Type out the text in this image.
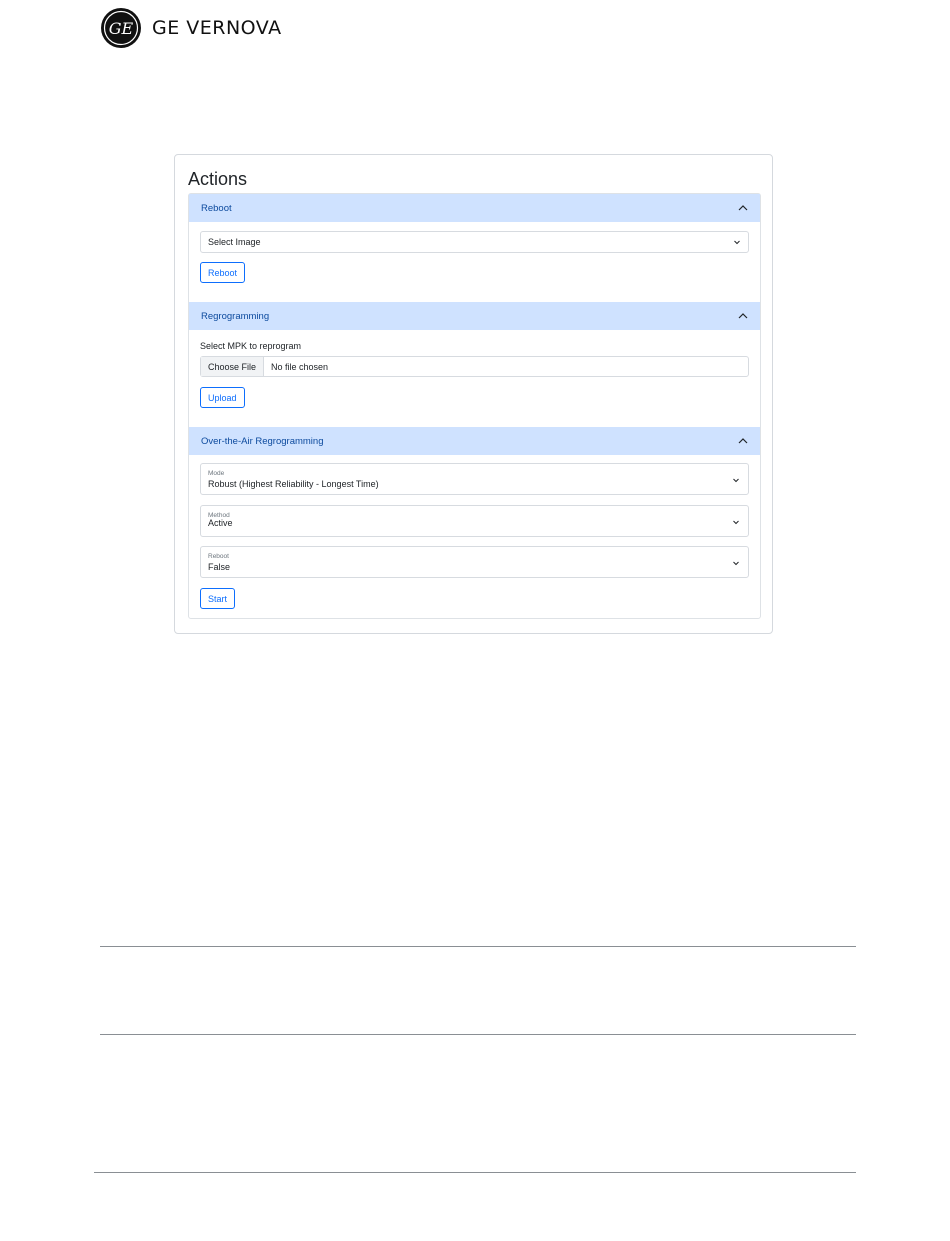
GE GE VERNOVA
Actions
Reboot
Select Image
Reboot
Regrogramming
Select MPK to reprogram
Choose File	No file chosen
Upload
Over-the-Air Regrogramming
Mode
Robust (Highest Reliability - Longest Time)
Method
Active
Reboot
False
Start
